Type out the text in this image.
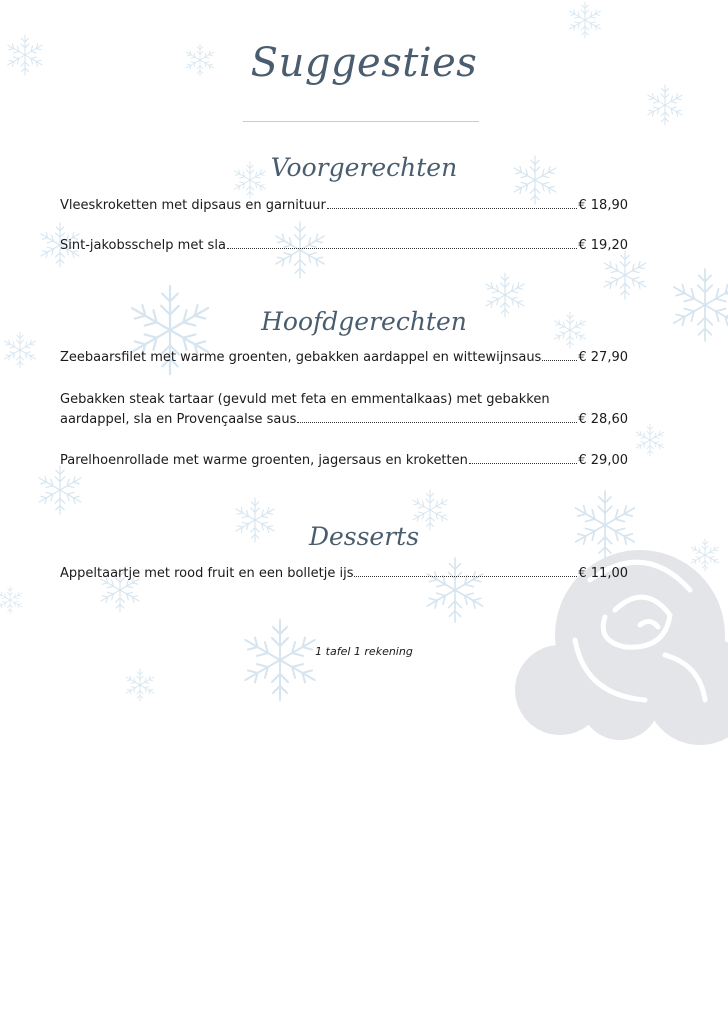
Suggesties
Voorgerechten
Vleeskroketten met dipsaus en garnituur	€ 18,90
Sint-jakobsschelp met sla	€ 19,20
Hoofdgerechten
Zeebaarsfilet met warme groenten, gebakken aardappel en wittewijnsaus	€ 27,90
Gebakken steak tartaar (gevuld met feta en emmentalkaas) met gebakken
aardappel, sla en Provençaalse saus	€ 28,60
Parelhoenrollade met warme groenten, jagersaus en kroketten	€ 29,00
Desserts
Appeltaartje met rood fruit en een bolletje ijs	€ 11,00
1 tafel 1 rekening
